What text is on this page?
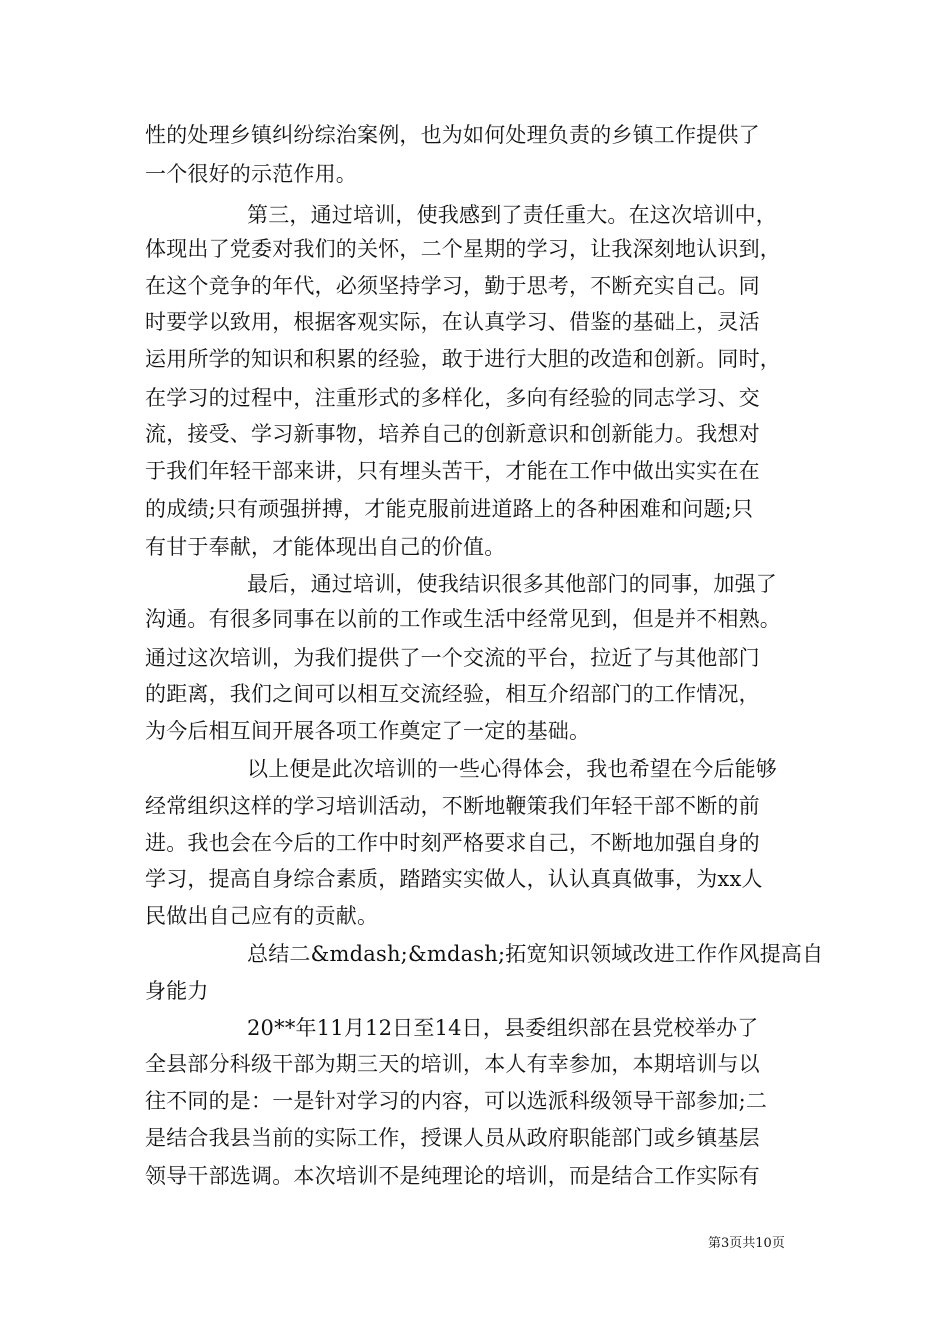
性的处理乡镇纠纷综治案例，也为如何处理负责的乡镇工作提供了
一个很好的示范作用。
第三，通过培训，使我感到了责任重大。在这次培训中，
体现出了党委对我们的关怀，二个星期的学习，让我深刻地认识到，
在这个竞争的年代，必须坚持学习，勤于思考，不断充实自己。同
时要学以致用，根据客观实际，在认真学习、借鉴的基础上，灵活
运用所学的知识和积累的经验，敢于进行大胆的改造和创新。同时，
在学习的过程中，注重形式的多样化，多向有经验的同志学习、交
流，接受、学习新事物，培养自己的创新意识和创新能力。我想对
于我们年轻干部来讲，只有埋头苦干，才能在工作中做出实实在在
的成绩;只有顽强拼搏，才能克服前进道路上的各种困难和问题;只
有甘于奉献，才能体现出自己的价值。
最后，通过培训，使我结识很多其他部门的同事，加强了
沟通。有很多同事在以前的工作或生活中经常见到，但是并不相熟。
通过这次培训，为我们提供了一个交流的平台，拉近了与其他部门
的距离，我们之间可以相互交流经验，相互介绍部门的工作情况，
为今后相互间开展各项工作奠定了一定的基础。
以上便是此次培训的一些心得体会，我也希望在今后能够
经常组织这样的学习培训活动，不断地鞭策我们年轻干部不断的前
进。我也会在今后的工作中时刻严格要求自己，不断地加强自身的
学习，提高自身综合素质，踏踏实实做人，认认真真做事，为xx人
民做出自己应有的贡献。
总结二&mdash;&mdash;拓宽知识领域改进工作作风提高自
身能力
20**年11月12日至14日，县委组织部在县党校举办了
全县部分科级干部为期三天的培训，本人有幸参加，本期培训与以
往不同的是：一是针对学习的内容，可以选派科级领导干部参加;二
是结合我县当前的实际工作，授课人员从政府职能部门或乡镇基层
领导干部选调。本次培训不是纯理论的培训，而是结合工作实际有
第3页共10页
